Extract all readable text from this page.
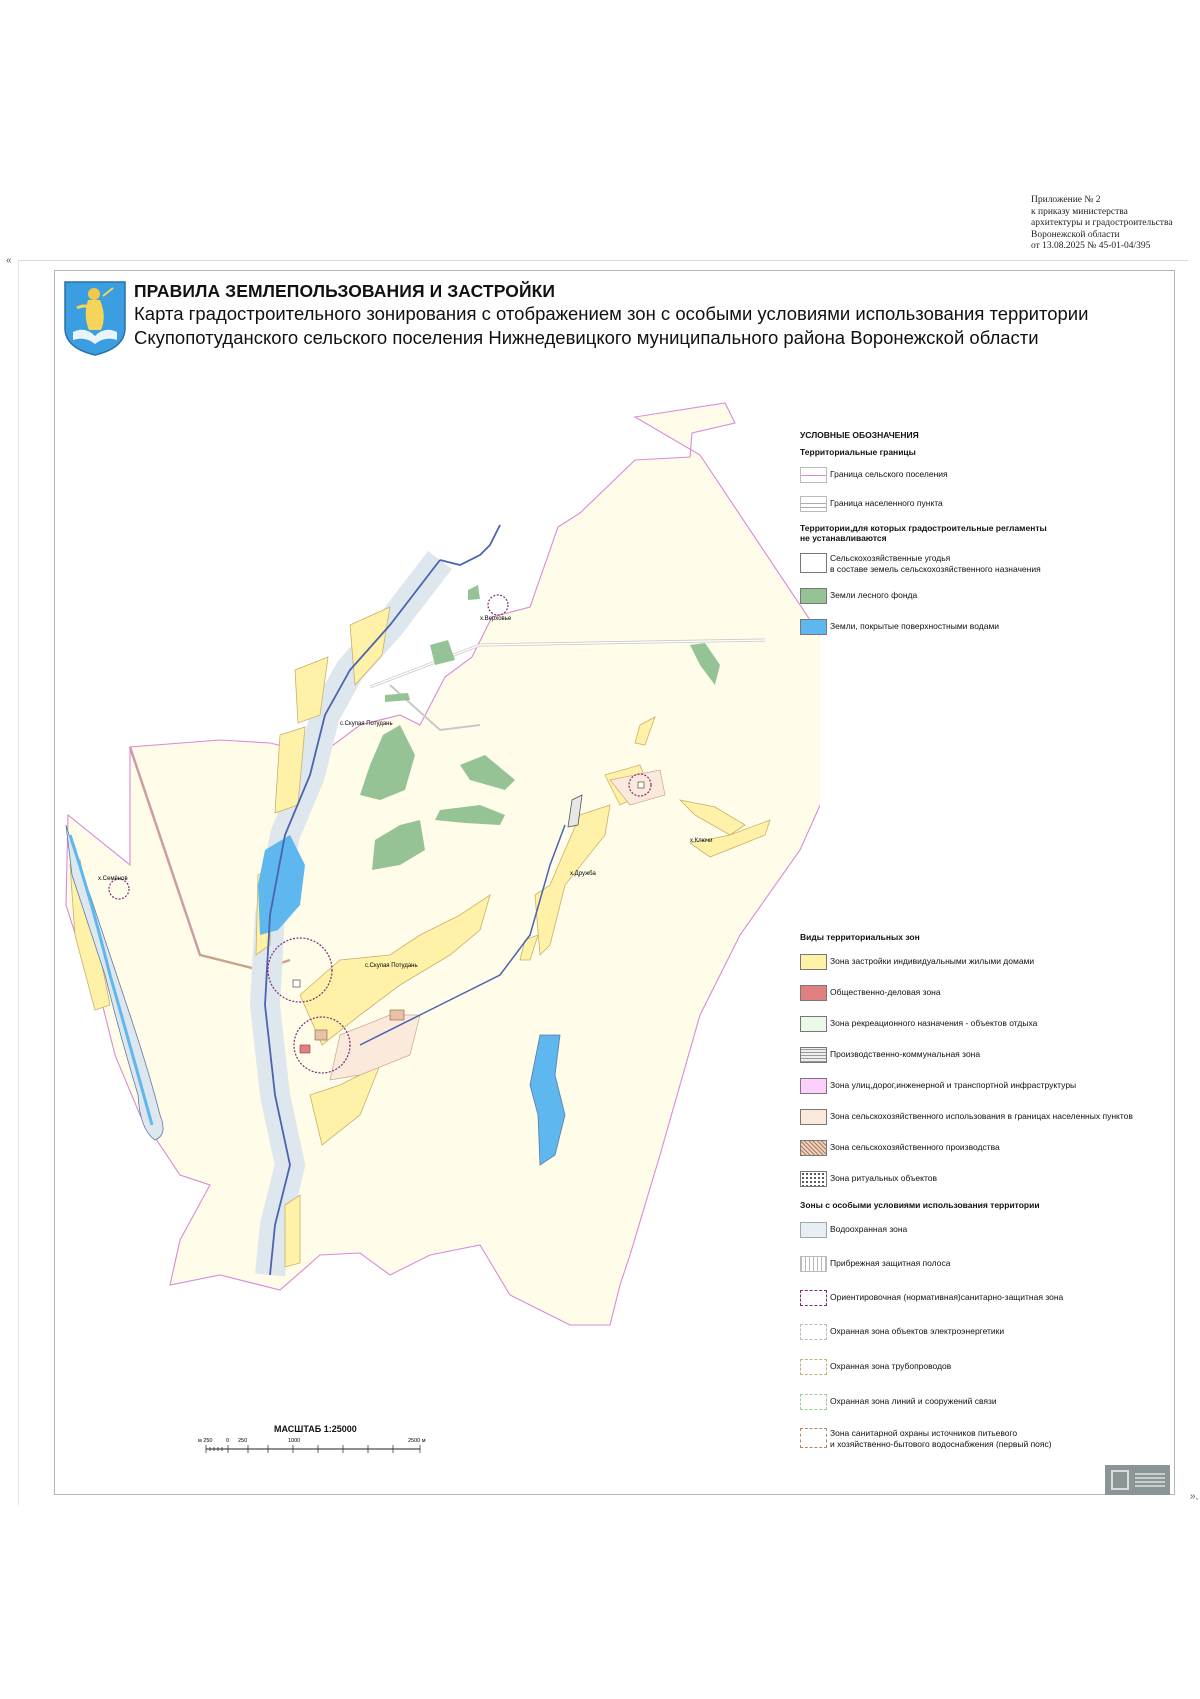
Приложение № 2
к приказу министерства
архитектуры и градостроительства
Воронежской области
от 13.08.2025 № 45-01-04/395
«
»,
ПРАВИЛА ЗЕМЛЕПОЛЬЗОВАНИЯ И ЗАСТРОЙКИ
Карта градостроительного зонирования с отображением зон с особыми условиями использования территории
Скупопотуданского сельского поселения Нижнедевицкого муниципального района Воронежской области
х.Верховье
с.Скупая Потудань
с.Скупая Потудань
х.Семёнов
х.Ключи
х.Дружба
УСЛОВНЫЕ ОБОЗНАЧЕНИЯ
Территориальные границы
Граница сельского поселения
Граница населенного пункта
Территории,для которых градостроительные регламенты
не устанавливаются
Сельскохозяйственные угодья
в составе земель сельскохозяйственного назначения
Земли лесного фонда
Земли, покрытые поверхностными водами
Виды территориальных зон
Зона застройки индивидуальными жилыми домами
Общественно-деловая зона
Зона рекреационного назначения - объектов отдыха
Производственно-коммунальная зона
Зона улиц,дорог,инженерной и транспортной инфраструктуры
Зона сельскохозяйственного использования в границах населенных пунктов
Зона сельскохозяйственного производства
Зона ритуальных объектов
Зоны с особыми условиями использования территории
Водоохранная зона
Прибрежная защитная полоса
Ориентировочная (нормативная)санитарно-защитная зона
Охранная зона объектов электроэнергетики
Охранная зона трубопроводов
Охранная зона линий и сооружений связи
Зона санитарной охраны источников питьевого
и хозяйственно-бытового водоснабжения (первый пояс)
МАСШТАБ 1:25000
м 250 0 250	1000	2500 м
